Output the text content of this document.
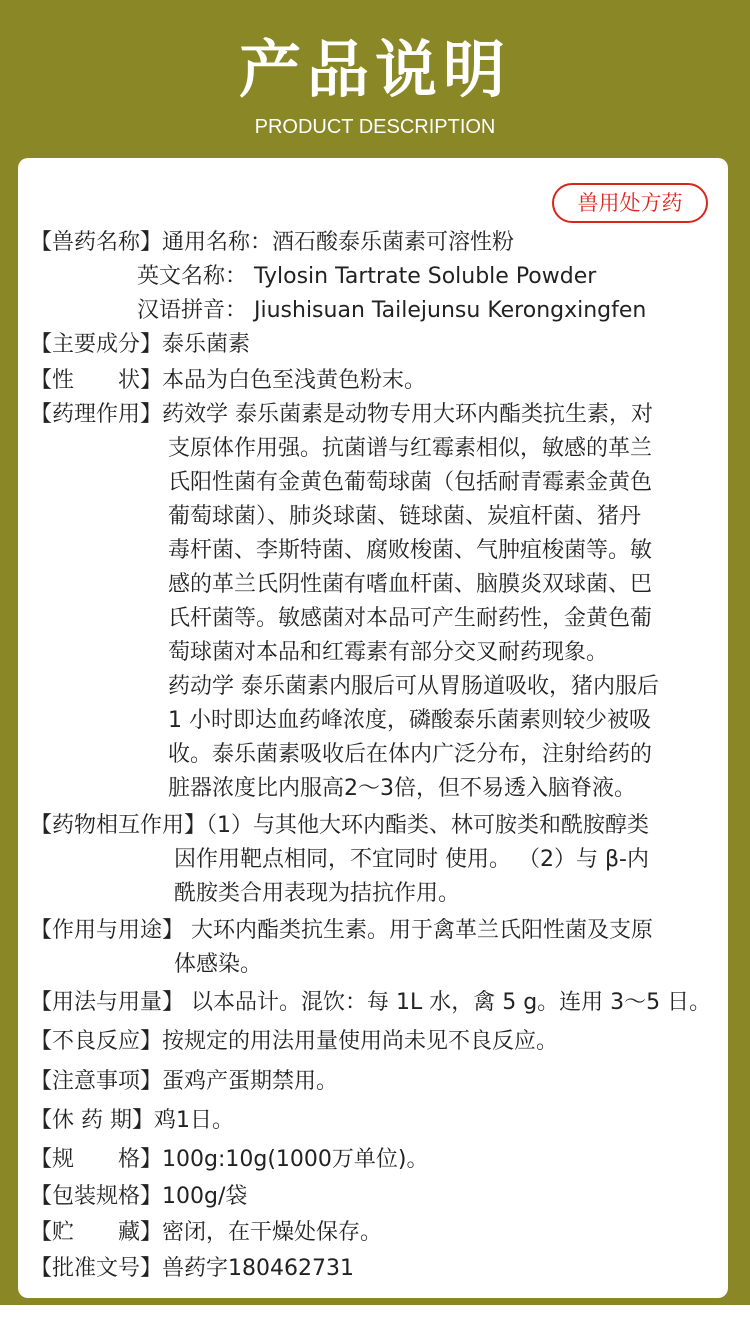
产品说明
PRODUCT DESCRIPTION
兽用处方药
【兽药名称】通用名称：酒石酸泰乐菌素可溶性粉
英文名称： Tylosin Tartrate Soluble Powder
汉语拼音： Jiushisuan Tailejunsu Kerongxingfen
【主要成分】泰乐菌素
【性　　状】本品为白色至浅黄色粉末。
【药理作用】药效学 泰乐菌素是动物专用大环内酯类抗生素，对
支原体作用强。抗菌谱与红霉素相似，敏感的革兰
氏阳性菌有金黄色葡萄球菌（包括耐青霉素金黄色
葡萄球菌）、肺炎球菌、链球菌、炭疽杆菌、猪丹
毒杆菌、李斯特菌、腐败梭菌、气肿疽梭菌等。敏
感的革兰氏阴性菌有嗜血杆菌、脑膜炎双球菌、巴
氏杆菌等。敏感菌对本品可产生耐药性，金黄色葡
萄球菌对本品和红霉素有部分交叉耐药现象。
药动学 泰乐菌素内服后可从胃肠道吸收，猪内服后
1 小时即达血药峰浓度，磷酸泰乐菌素则较少被吸
收。泰乐菌素吸收后在体内广泛分布，注射给药的
脏器浓度比内服高2～3倍，但不易透入脑脊液。
【药物相互作用】（1）与其他大环内酯类、林可胺类和酰胺醇类
因作用靶点相同，不宜同时 使用。 （2）与 β-内
酰胺类合用表现为拮抗作用。
【作用与用途】 大环内酯类抗生素。用于禽革兰氏阳性菌及支原
体感染。
【用法与用量】 以本品计。混饮：每 1L 水，禽 5 g。连用 3～5 日。
【不良反应】按规定的用法用量使用尚未见不良反应。
【注意事项】蛋鸡产蛋期禁用。
【休 药 期】鸡1日。
【规　　格】100g:10g(1000万单位)。
【包装规格】100g/袋
【贮　　藏】密闭，在干燥处保存。
【批准文号】兽药字180462731
